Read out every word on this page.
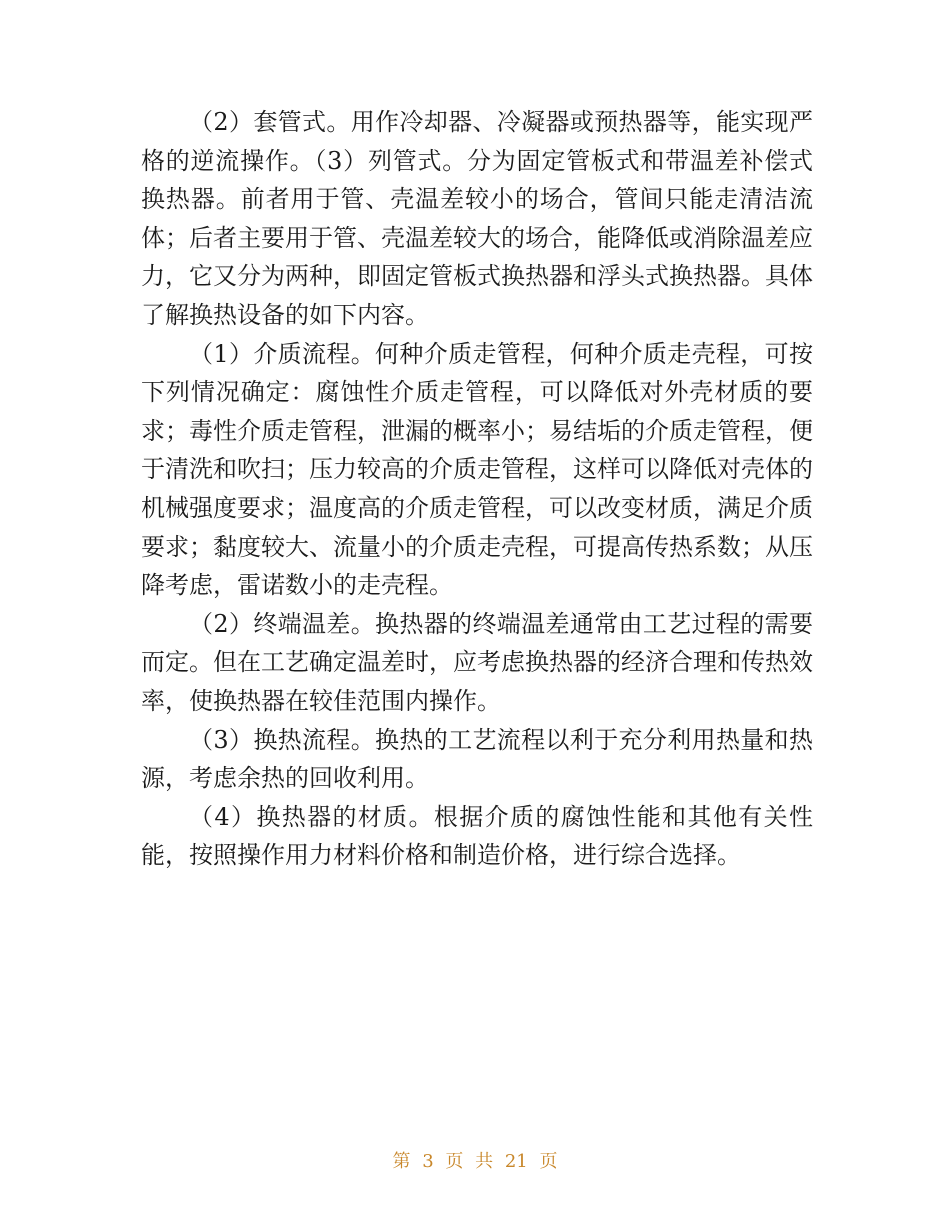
（2）套管式。用作冷却器、冷凝器或预热器等，能实现严格的逆流操作。（3）列管式。分为固定管板式和带温差补偿式换热器。前者用于管、壳温差较小的场合，管间只能走清洁流体；后者主要用于管、壳温差较大的场合，能降低或消除温差应力，它又分为两种，即固定管板式换热器和浮头式换热器。具体了解换热设备的如下内容。

（1）介质流程。何种介质走管程，何种介质走壳程，可按下列情况确定：腐蚀性介质走管程，可以降低对外壳材质的要求；毒性介质走管程，泄漏的概率小；易结垢的介质走管程，便于清洗和吹扫；压力较高的介质走管程，这样可以降低对壳体的机械强度要求；温度高的介质走管程，可以改变材质，满足介质要求；黏度较大、流量小的介质走壳程，可提高传热系数；从压降考虑，雷诺数小的走壳程。

（2）终端温差。换热器的终端温差通常由工艺过程的需要而定。但在工艺确定温差时，应考虑换热器的经济合理和传热效率，使换热器在较佳范围内操作。

（3）换热流程。换热的工艺流程以利于充分利用热量和热源，考虑余热的回收利用。

（4）换热器的材质。根据介质的腐蚀性能和其他有关性能，按照操作用力材料价格和制造价格，进行综合选择。

第 3 页 共 21 页
